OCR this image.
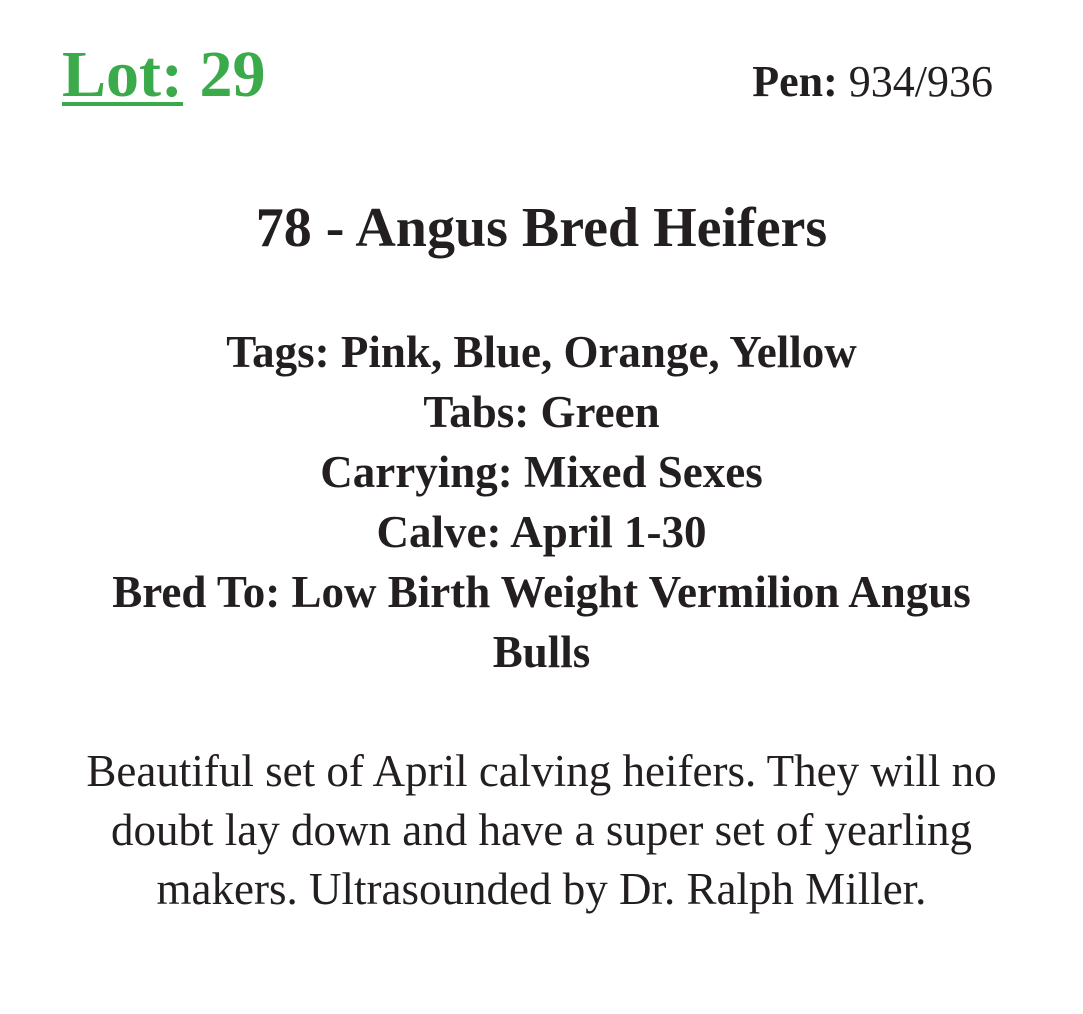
Lot: 29	Pen: 934/936
78 - Angus Bred Heifers
Tags: Pink, Blue, Orange, Yellow
Tabs: Green
Carrying: Mixed Sexes
Calve: April 1-30
Bred To: Low Birth Weight Vermilion Angus Bulls
Beautiful set of April calving heifers. They will no doubt lay down and have a super set of yearling makers. Ultrasounded by Dr. Ralph Miller.
